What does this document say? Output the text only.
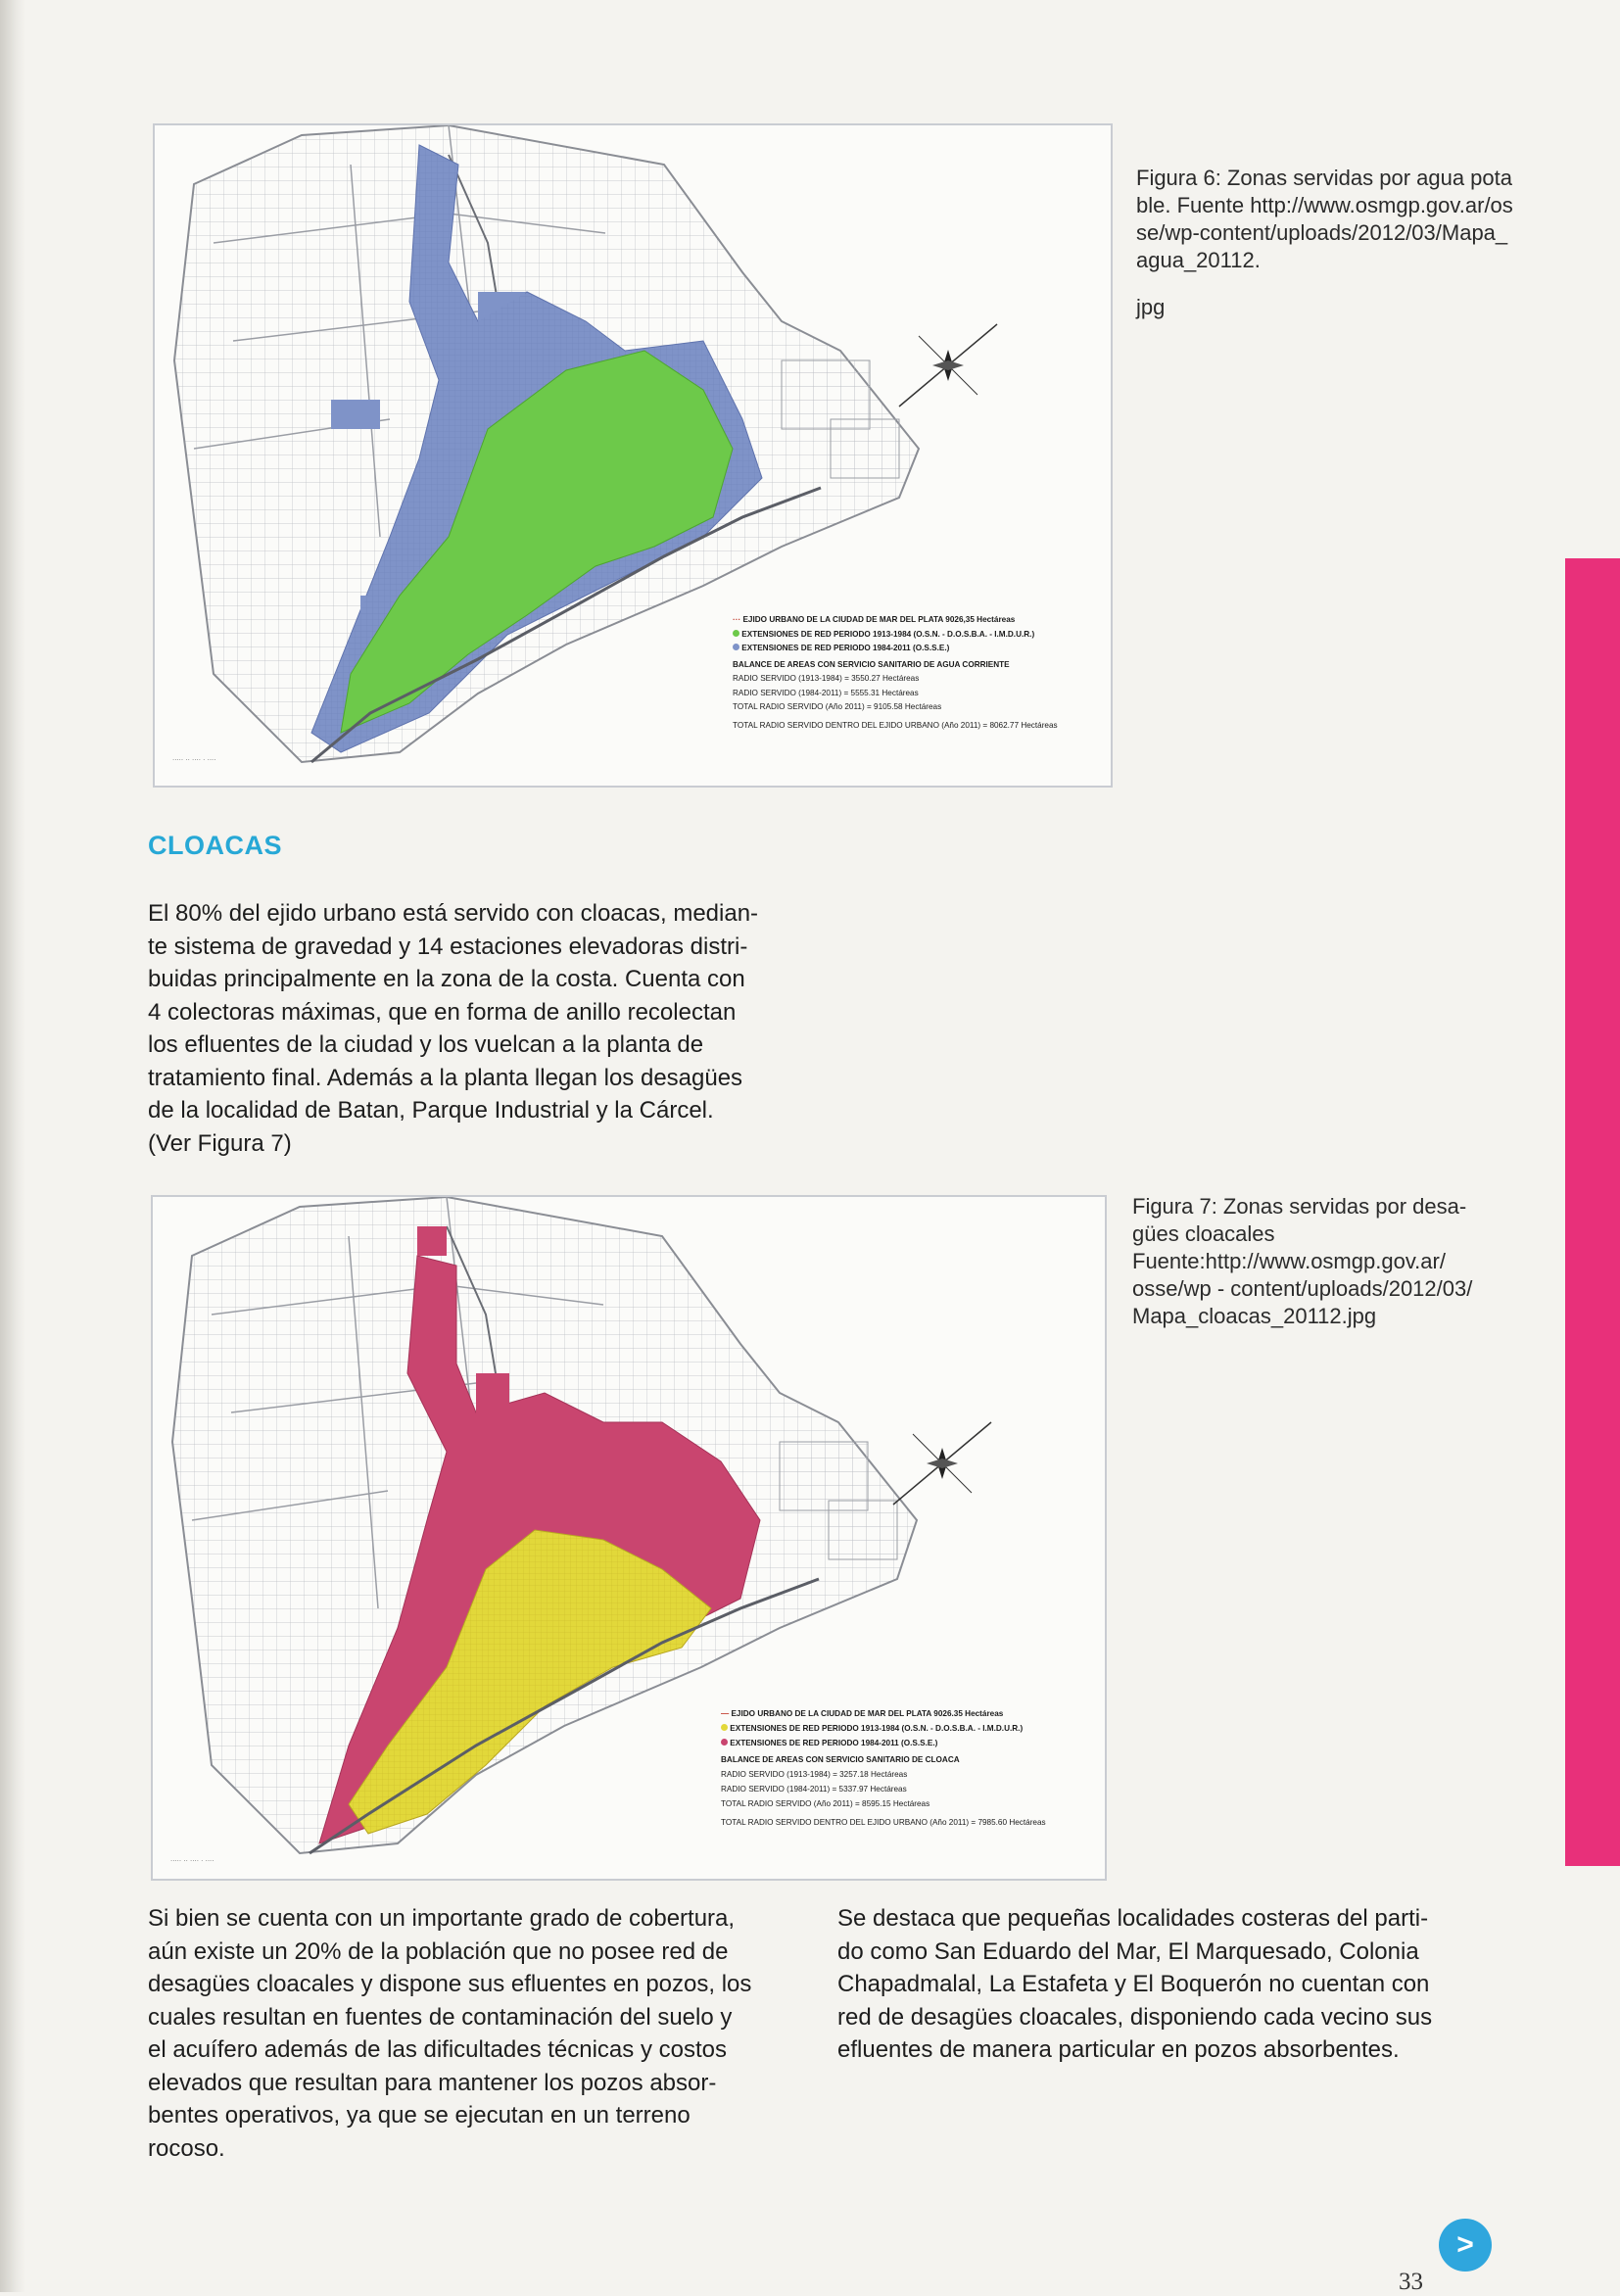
····· ·· ···· · ····
··· EJIDO URBANO DE LA CIUDAD DE MAR DEL PLATA 9026,35 Hectáreas
EXTENSIONES DE RED PERIODO 1913-1984 (O.S.N. - D.O.S.B.A. - I.M.D.U.R.)
EXTENSIONES DE RED PERIODO 1984-2011 (O.S.S.E.)
BALANCE DE AREAS CON SERVICIO SANITARIO DE AGUA CORRIENTE
RADIO SERVIDO (1913-1984) = 3550.27 Hectáreas
RADIO SERVIDO (1984-2011) = 5555.31 Hectáreas
TOTAL RADIO SERVIDO (Año 2011) = 9105.58 Hectáreas
TOTAL RADIO SERVIDO DENTRO DEL EJIDO URBANO (Año 2011) = 8062.77 Hectáreas

Figura 6: Zonas servidas por agua potable. Fuente http://www.osmgp.gov.ar/osse/wp-content/uploads/2012/03/Mapa_agua_20112.

jpg

CLOACAS

El 80% del ejido urbano está servido con cloacas, median-
te sistema de gravedad y 14 estaciones elevadoras distri-
buidas principalmente en la zona de la costa. Cuenta con
4 colectoras máximas, que en forma de anillo recolectan
los efluentes de la ciudad y los vuelcan a la planta de
tratamiento final. Además a la planta llegan los desagües
de la localidad de Batan, Parque Industrial y la Cárcel.
(Ver Figura 7)

····· ·· ···· · ····
— EJIDO URBANO DE LA CIUDAD DE MAR DEL PLATA 9026.35 Hectáreas
EXTENSIONES DE RED PERIODO 1913-1984 (O.S.N. - D.O.S.B.A. - I.M.D.U.R.)
EXTENSIONES DE RED PERIODO 1984-2011 (O.S.S.E.)
BALANCE DE AREAS CON SERVICIO SANITARIO DE CLOACA
RADIO SERVIDO (1913-1984) = 3257.18 Hectáreas
RADIO SERVIDO (1984-2011) = 5337.97 Hectáreas
TOTAL RADIO SERVIDO (Año 2011) = 8595.15 Hectáreas
TOTAL RADIO SERVIDO DENTRO DEL EJIDO URBANO (Año 2011) = 7985.60 Hectáreas

Figura 7: Zonas servidas por desa-
gües cloacales
Fuente:http://www.osmgp.gov.ar/
osse/wp - content/uploads/2012/03/
Mapa_cloacas_20112.jpg

Si bien se cuenta con un importante grado de cobertura,
aún existe un 20% de la población que no posee red de
desagües cloacales y dispone sus efluentes en pozos, los
cuales resultan en fuentes de contaminación del suelo y
el acuífero además de las dificultades técnicas y costos
elevados que resultan para mantener los pozos absor-
bentes operativos, ya que se ejecutan en un terreno
rocoso.

Se destaca que pequeñas localidades costeras del parti-
do como San Eduardo del Mar, El Marquesado, Colonia
Chapadmalal, La Estafeta y El Boquerón no cuentan con
red de desagües cloacales, disponiendo cada vecino sus
efluentes de manera particular en pozos absorbentes.

33
>
